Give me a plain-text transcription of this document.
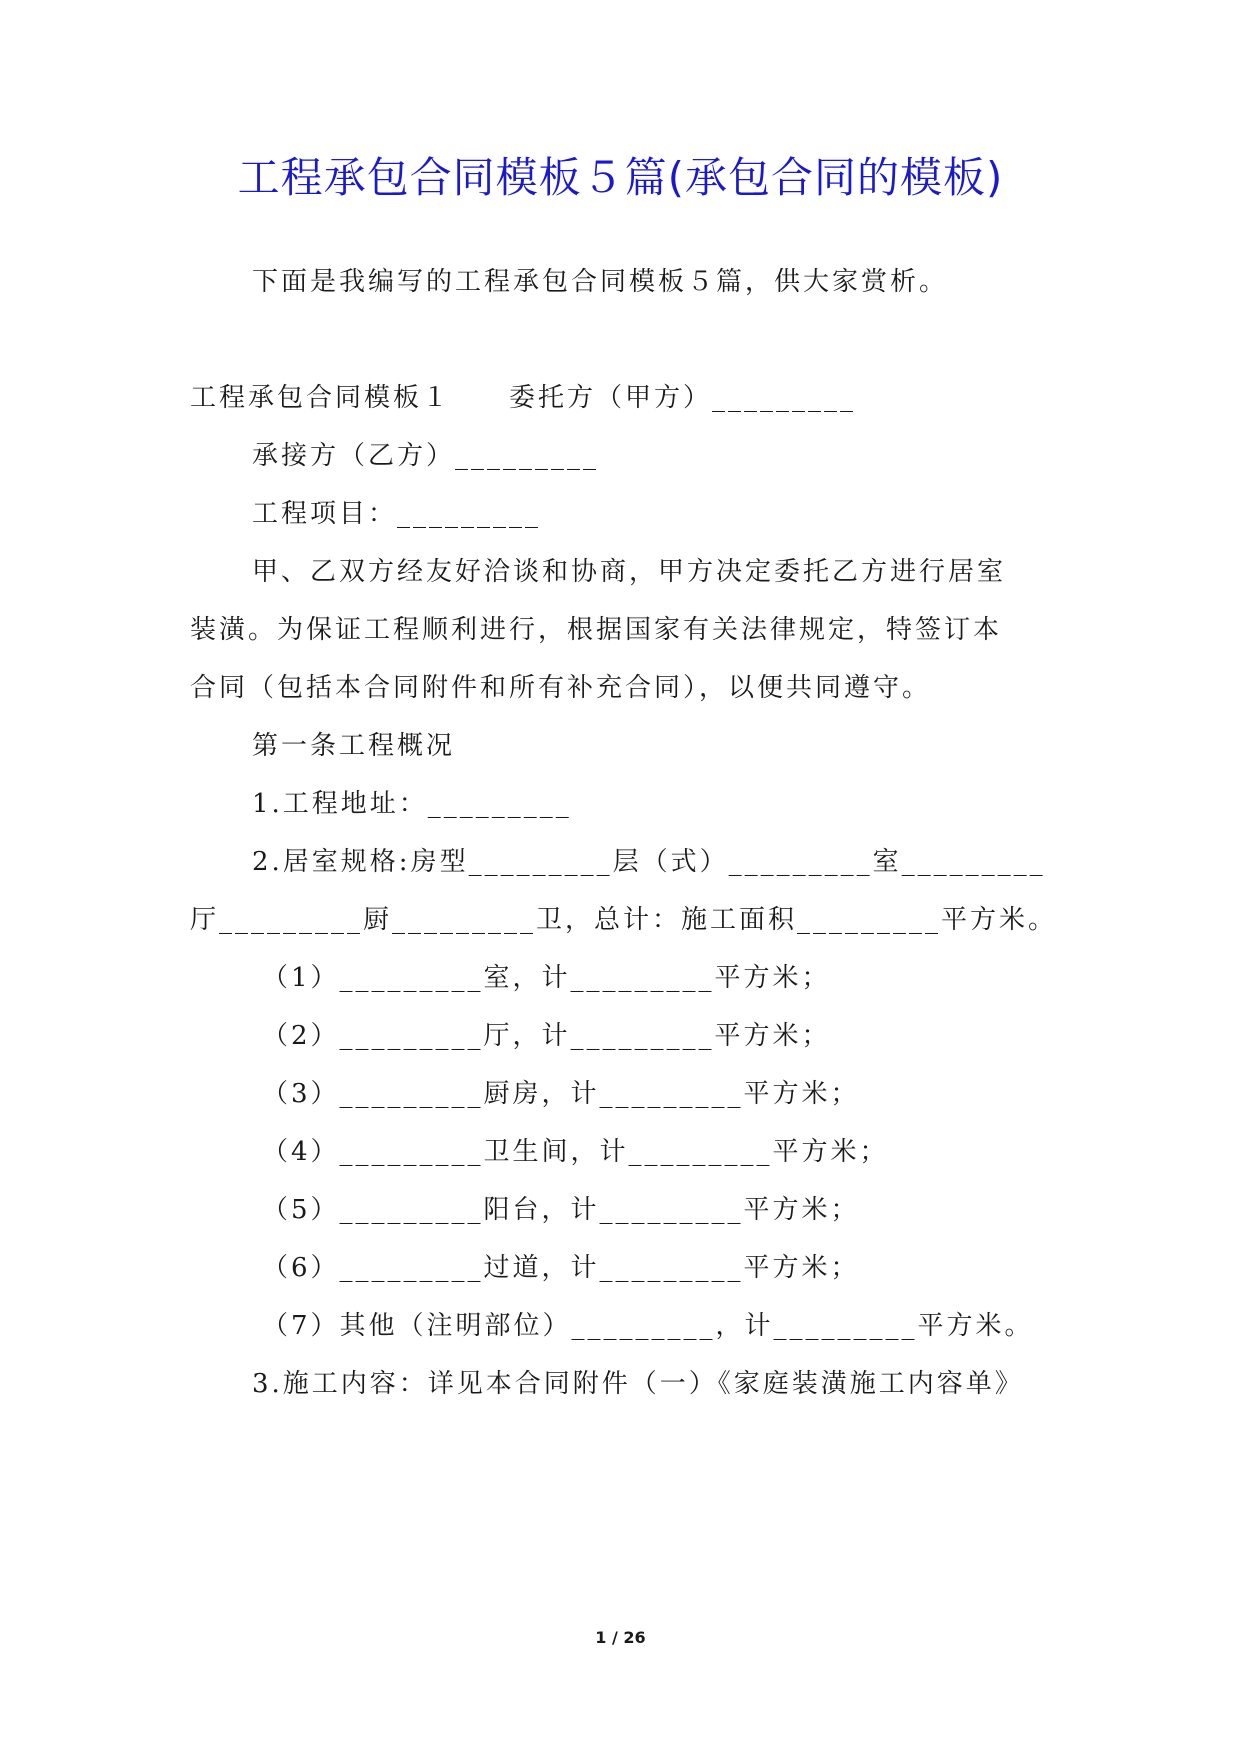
工程承包合同模板５篇(承包合同的模板)
下面是我编写的工程承包合同模板５篇，供大家赏析。
工程承包合同模板１　　委托方（甲方）_________
承接方（乙方）_________
工程项目：_________
甲、乙双方经友好洽谈和协商，甲方决定委托乙方进行居室
装潢。为保证工程顺利进行，根据国家有关法律规定，特签订本
合同（包括本合同附件和所有补充合同），以便共同遵守。
第一条工程概况
1.工程地址：_________
2.居室规格:房型_________层（式）_________室_________
厅_________厨_________卫，总计：施工面积_________平方米。
（1）_________室，计_________平方米；
（2）_________厅，计_________平方米；
（3）_________厨房，计_________平方米；
（4）_________卫生间，计_________平方米；
（5）_________阳台，计_________平方米；
（6）_________过道，计_________平方米；
（7）其他（注明部位）_________，计_________平方米。
3.施工内容：详见本合同附件（一）《家庭装潢施工内容单》
1 / 26
